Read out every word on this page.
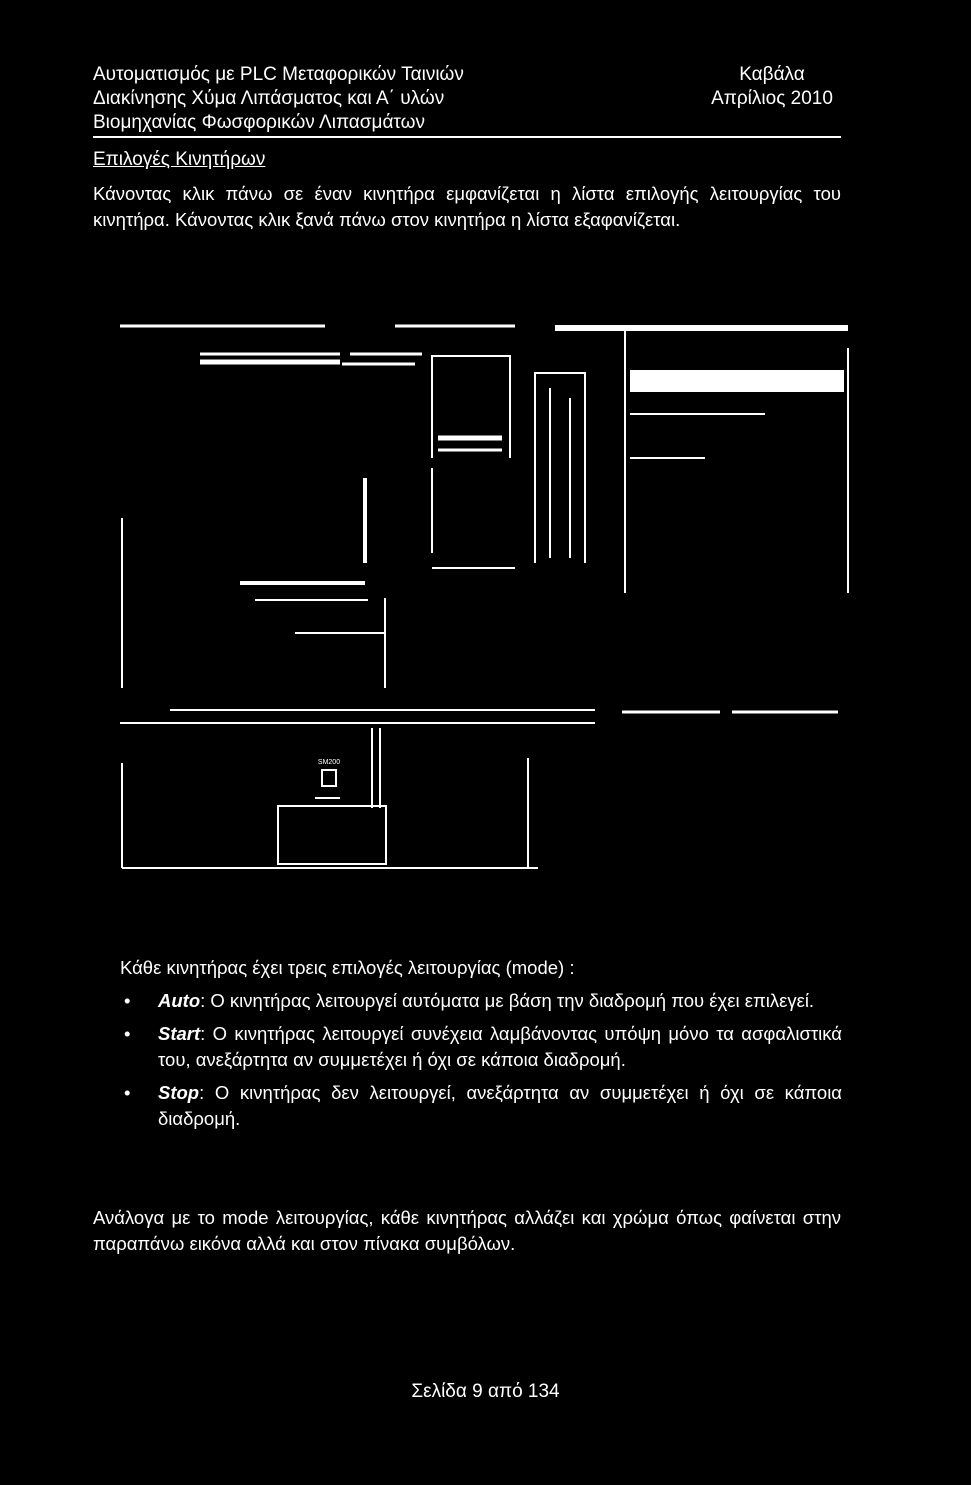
Αυτοματισμός με PLC Μεταφορικών Ταινιών
Διακίνησης Χύμα Λιπάσματος και Α΄ υλών
Βιομηχανίας Φωσφορικών Λιπασμάτων
Καβάλα
Απρίλιος 2010
Επιλογές Κινητήρων
Κάνοντας κλικ πάνω σε έναν κινητήρα εμφανίζεται η λίστα επιλογής λειτουργίας του κινητήρα. Κάνοντας κλικ ξανά πάνω στον κινητήρα η λίστα εξαφανίζεται.
SM200
Κάθε κινητήρας έχει τρεις επιλογές λειτουργίας (mode) :
• Auto: Ο κινητήρας λειτουργεί αυτόματα με βάση την διαδρομή που έχει επιλεγεί.
• Start: Ο κινητήρας λειτουργεί συνέχεια λαμβάνοντας υπόψη μόνο τα ασφαλιστικά του, ανεξάρτητα αν συμμετέχει ή όχι σε κάποια διαδρομή.
• Stop: Ο κινητήρας δεν λειτουργεί, ανεξάρτητα αν συμμετέχει ή όχι σε κάποια διαδρομή.
Ανάλογα με το mode λειτουργίας, κάθε κινητήρας αλλάζει και χρώμα όπως φαίνεται στην παραπάνω εικόνα αλλά και στον πίνακα συμβόλων.
Σελίδα 9 από 134
